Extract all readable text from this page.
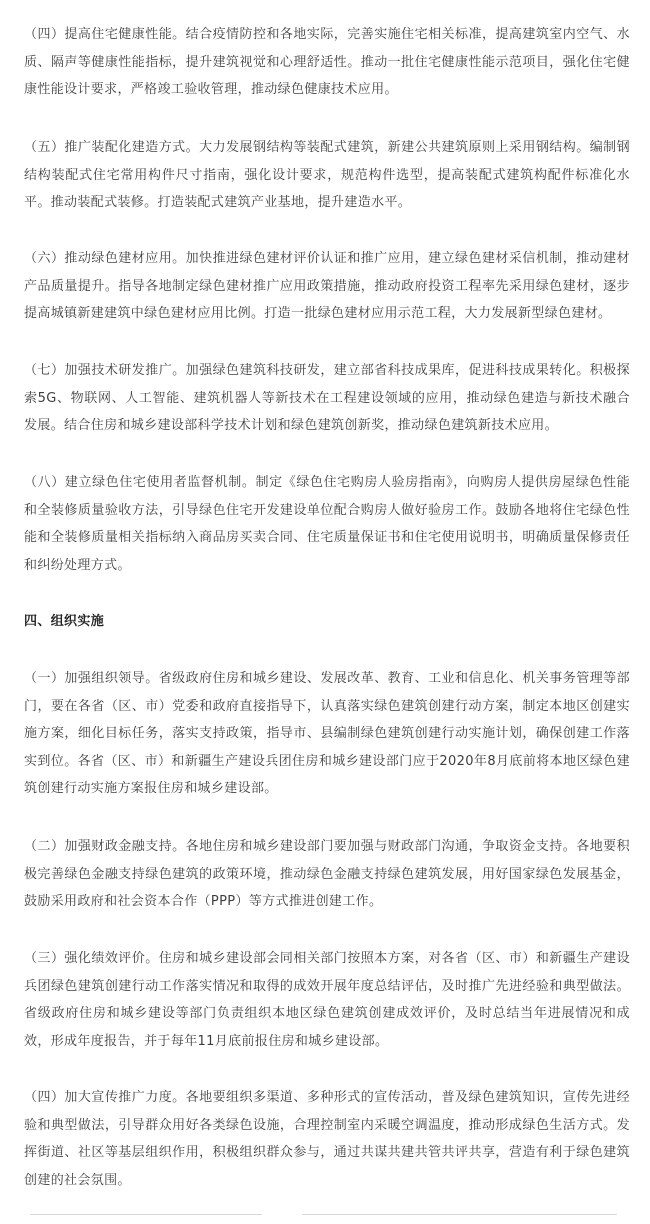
（四）提高住宅健康性能。结合疫情防控和各地实际，完善实施住宅相关标准，提高建筑室内空气、水质、隔声等健康性能指标，提升建筑视觉和心理舒适性。推动一批住宅健康性能示范项目，强化住宅健康性能设计要求，严格竣工验收管理，推动绿色健康技术应用。

（五）推广装配化建造方式。大力发展钢结构等装配式建筑，新建公共建筑原则上采用钢结构。编制钢结构装配式住宅常用构件尺寸指南，强化设计要求，规范构件选型，提高装配式建筑构配件标准化水平。推动装配式装修。打造装配式建筑产业基地，提升建造水平。

（六）推动绿色建材应用。加快推进绿色建材评价认证和推广应用，建立绿色建材采信机制，推动建材产品质量提升。指导各地制定绿色建材推广应用政策措施，推动政府投资工程率先采用绿色建材，逐步提高城镇新建建筑中绿色建材应用比例。打造一批绿色建材应用示范工程，大力发展新型绿色建材。

（七）加强技术研发推广。加强绿色建筑科技研发，建立部省科技成果库，促进科技成果转化。积极探索5G、物联网、人工智能、建筑机器人等新技术在工程建设领域的应用，推动绿色建造与新技术融合发展。结合住房和城乡建设部科学技术计划和绿色建筑创新奖，推动绿色建筑新技术应用。

（八）建立绿色住宅使用者监督机制。制定《绿色住宅购房人验房指南》，向购房人提供房屋绿色性能和全装修质量验收方法，引导绿色住宅开发建设单位配合购房人做好验房工作。鼓励各地将住宅绿色性能和全装修质量相关指标纳入商品房买卖合同、住宅质量保证书和住宅使用说明书，明确质量保修责任和纠纷处理方式。

四、组织实施

（一）加强组织领导。省级政府住房和城乡建设、发展改革、教育、工业和信息化、机关事务管理等部门，要在各省（区、市）党委和政府直接指导下，认真落实绿色建筑创建行动方案，制定本地区创建实施方案，细化目标任务，落实支持政策，指导市、县编制绿色建筑创建行动实施计划，确保创建工作落实到位。各省（区、市）和新疆生产建设兵团住房和城乡建设部门应于2020年8月底前将本地区绿色建筑创建行动实施方案报住房和城乡建设部。

（二）加强财政金融支持。各地住房和城乡建设部门要加强与财政部门沟通，争取资金支持。各地要积极完善绿色金融支持绿色建筑的政策环境，推动绿色金融支持绿色建筑发展，用好国家绿色发展基金，鼓励采用政府和社会资本合作（PPP）等方式推进创建工作。

（三）强化绩效评价。住房和城乡建设部会同相关部门按照本方案，对各省（区、市）和新疆生产建设兵团绿色建筑创建行动工作落实情况和取得的成效开展年度总结评估，及时推广先进经验和典型做法。省级政府住房和城乡建设等部门负责组织本地区绿色建筑创建成效评价，及时总结当年进展情况和成效，形成年度报告，并于每年11月底前报住房和城乡建设部。

（四）加大宣传推广力度。各地要组织多渠道、多种形式的宣传活动，普及绿色建筑知识，宣传先进经验和典型做法，引导群众用好各类绿色设施，合理控制室内采暖空调温度，推动形成绿色生活方式。发挥街道、社区等基层组织作用，积极组织群众参与，通过共谋共建共管共评共享，营造有利于绿色建筑创建的社会氛围。
